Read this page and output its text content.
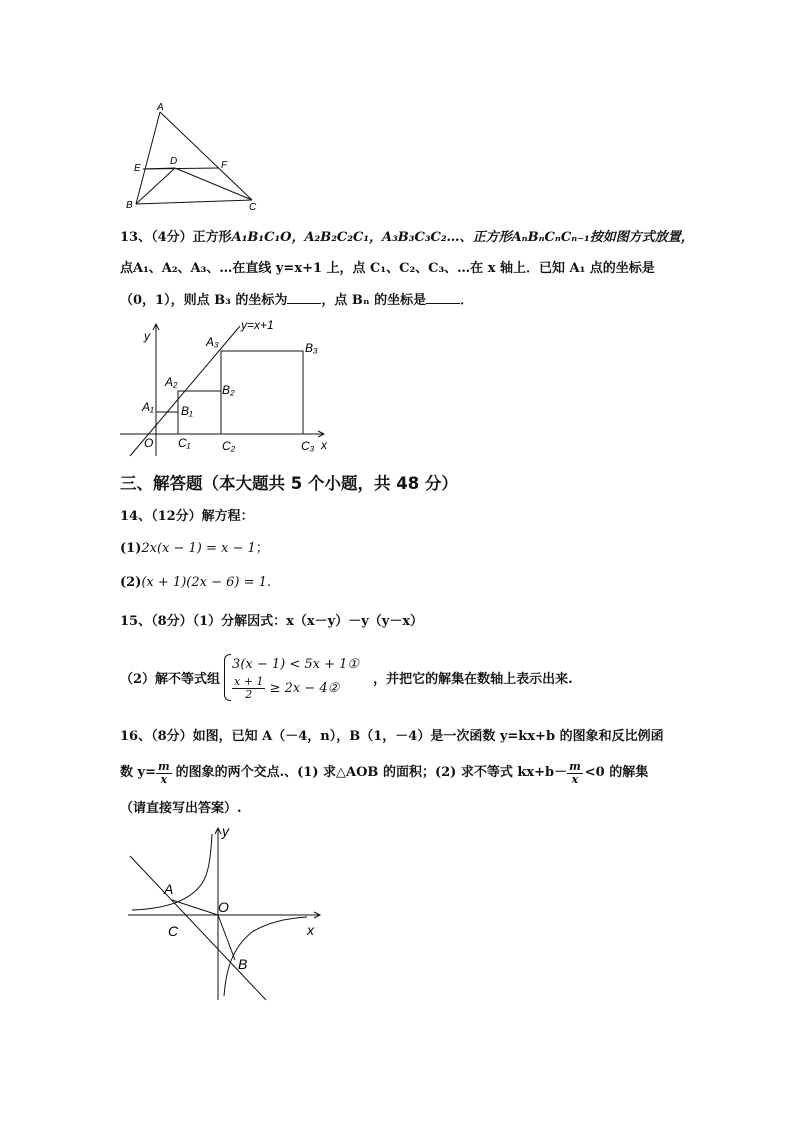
A
E
D	F
B	C
13、（4分）正方形A₁B₁C₁O，A₂B₂C₂C₁，A₃B₃C₃C₂…、正方形AₙBₙCₙCₙ₋₁按如图方式放置，
点A₁、A₂、A₃、…在直线 y=x+1 上，点 C₁、C₂、C₃、…在 x 轴上．已知 A₁ 点的坐标是
（0，1），则点 B₃ 的坐标为	，点 Bₙ 的坐标是	．
y
y=x+1
A₃	B₃
A₂
B₂
A₁ B₁
O C₁	C₂	C₃ x
三、解答题（本大题共 5 个小题，共 48 分）
14、（12分）解方程：
(1)2x(x − 1) = x − 1；
(2)(x + 1)(2x − 6) = 1.
15、（8分）（1）分解因式：x（x－y）－y（y－x）
（2）解不等式组
3(x − 1) < 5x + 1①
$\frac{x + 1}{2} \ge 2x$ − 4②
，并把它的解集在数轴上表示出来.
16、（8分）如图，已知 A（－4，n），B（1，－4）是一次函数 y=kx+b 的图象和反比例函
数 $y= \frac{m}{x}$ 的图象的两个交点.、(1) 求△AOB 的面积；(2) 求不等式 $kx+b- \frac{m}{x} <0$ 的解集
（请直接写出答案）.
y
A
O
C	x
B
